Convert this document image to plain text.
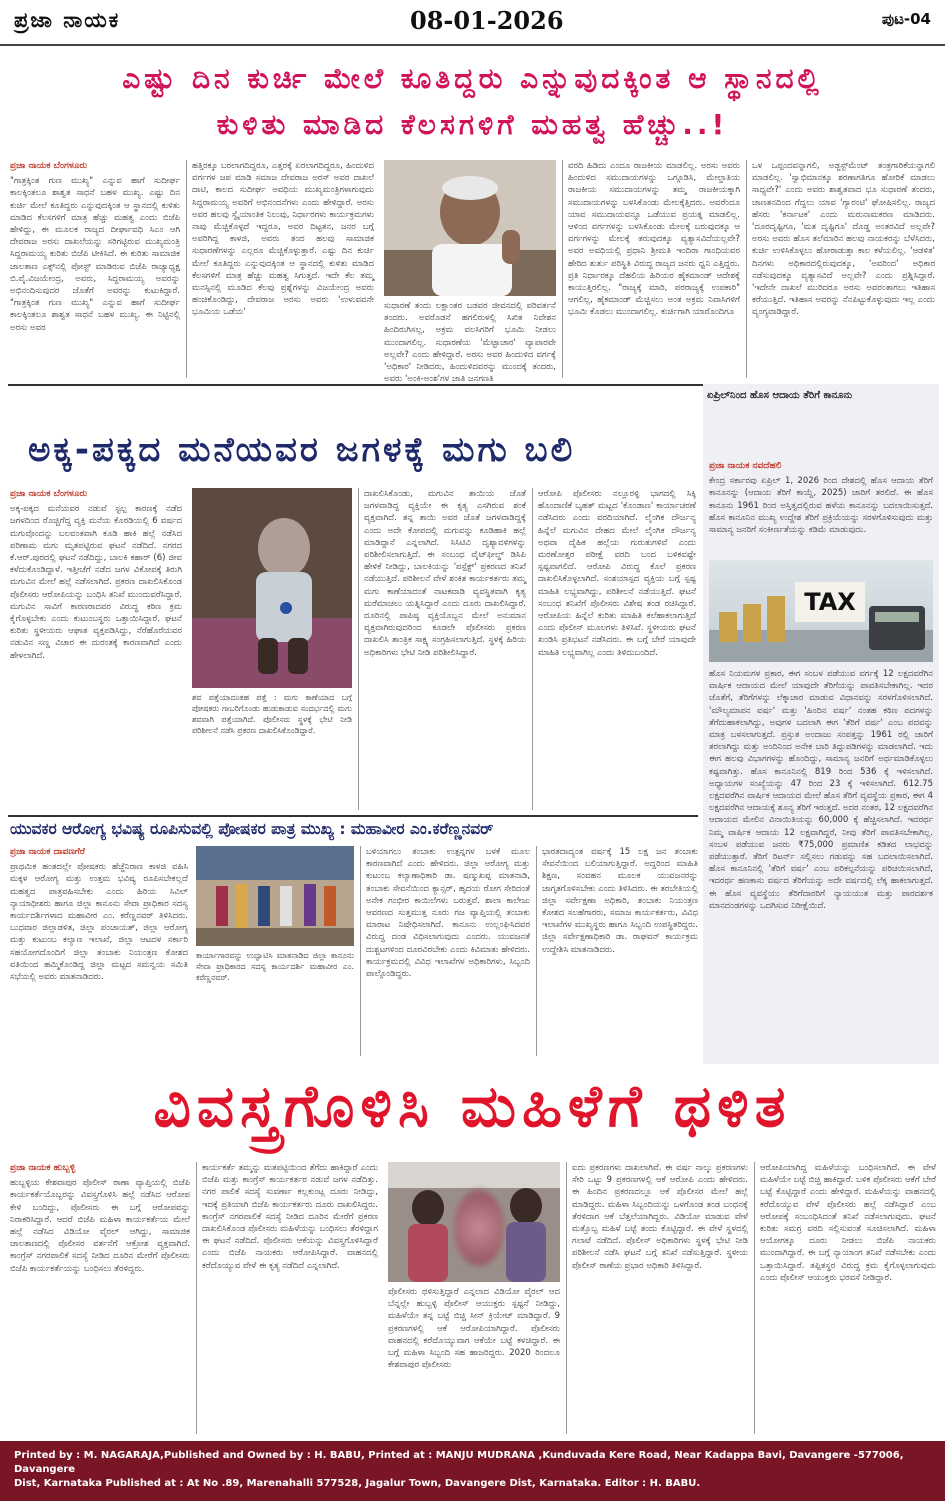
ಪ್ರಜಾ ನಾಯಕ	08-01-2026	ಪುಟ-04
ಎಷ್ಟು ದಿನ ಕುರ್ಚಿ ಮೇಲೆ ಕೂತಿದ್ದರು ಎನ್ನುವುದಕ್ಕಿಂತ ಆ ಸ್ಥಾನದಲ್ಲಿ
ಕುಳಿತು ಮಾಡಿದ ಕೆಲಸಗಳಿಗೆ ಮಹತ್ವ ಹೆಚ್ಚು..!
ಪ್ರಜಾ ನಾಯಕ ಬೆಂಗಳೂರು
"ಗಾತ್ರಕ್ಕಿಂತ ಗುಣ ಮುಖ್ಯ" ಎನ್ನುವ ಹಾಗೆ ಸುದೀರ್ಘ ಕಾಲಕ್ಕಿಂತಲೂ ಶಾಶ್ವತ ಸಾಧನೆ ಬಹಳ ಮುಖ್ಯ. ಎಷ್ಟು ದಿನ ಕುರ್ಚಿ ಮೇಲೆ ಕೂತಿದ್ದರು ಎನ್ನುವುದಕ್ಕಿಂತ ಆ ಸ್ಥಾನದಲ್ಲಿ ಕುಳಿತು ಮಾಡಿದ ಕೆಲಸಗಳಿಗೆ ಮಾತ್ರ ಹೆಚ್ಚು ಮಹತ್ವ ಎಂದು ಬಿಜೆಪಿ ಹೇಳಿದ್ದು, ಈ ಮೂಲಕ ರಾಜ್ಯದ ದೀರ್ಘಾವಧಿ ಸಿಎಂ ಆಗಿ ದೇವರಾಜ ಅರಸು ದಾಖಲೆಯನ್ನು ಸರಿಗಟ್ಟಿರುವ ಮುಖ್ಯಮಂತ್ರಿ ಸಿದ್ದರಾಮಯ್ಯ ಕುರಿತು ಬಿಜೆಪಿ ಟೀಕಿಸಿದೆ. ಈ ಕುರಿತು ಸಾಮಾಜಿಕ ಜಾಲತಾಣ ಎಕ್ಸ್‌ನಲ್ಲಿ ಪೋಸ್ಟ್ ಮಾಡಿರುವ ಬಿಜೆಪಿ ರಾಜ್ಯಾಧ್ಯಕ್ಷ ಬಿ.ವೈ.ವಿಜಯೇಂದ್ರ, ಅವರು, ಸಿದ್ದರಾಮಯ್ಯ ಅವರನ್ನು ಅಭಿನಂದಿಸುವುದರ ಜೊತೆಗೆ ಅವರನ್ನು ಕುಟುಕಿದ್ದಾರೆ. "ಗಾತ್ರಕ್ಕಿಂತ ಗುಣ ಮುಖ್ಯ" ಎನ್ನುವ ಹಾಗೆ ಸುದೀರ್ಘ ಕಾಲಕ್ಕಿಂತಲೂ ಶಾಶ್ವತ ಸಾಧನೆ ಬಹಳ ಮುಖ್ಯ. ಈ ನಿಟ್ಟಿನಲ್ಲಿ ಅರಸು ಅವರ
ಹತ್ತಿರಕ್ಕೂ ಬರಲಾಗದಿದ್ದರೂ, ಎತ್ತರಕ್ಕೆ ಏರಲಾಗದಿದ್ದರೂ, ಹಿಂದುಳಿದ ವರ್ಗಗಳ ಜಪ ಮಾಡಿ ಸಮಾಜ ದೇವರಾಜ ಅರಸ್ ಅವರ ದಾಖಲೆ ದಾಟಿ, ಕಾಲದ ಸುದೀರ್ಘ ಅವಧಿಯ ಮುಖ್ಯಮಂತ್ರಿಗಳಾಗುವುದು ಸಿದ್ದರಾಮಯ್ಯ ಅವರಿಗೆ ಅಭಿನಂದನೆಗಳು ಎಂದು ಹೇಳಿದ್ದಾರೆ. ಅರಸು ಅವರ ಹಲವು ಸ್ವೈಯಾಂತಿಕ ನಿಲುವು, ನಿರ್ಧಾರಗಳು ಕಾರ್ಯಕ್ರಮಗಳು ನಾವು ಮೆಚ್ಚಿಕೊಳ್ಳದೆ ಇದ್ದರೂ, ಅವರ ದಿಟ್ಟತನ, ಜನರ ಬಗ್ಗೆ ಅವರಿಗಿದ್ದ ಕಾಳಜಿ, ಅವರು ತಂದ ಹಲವು ಸಾಮಾಜಿಕ ಸುಧಾರಣೆಗಳನ್ನು ಎಲ್ಲರೂ ಮೆಚ್ಚಿಕೊಳ್ಳುತ್ತಾರೆ. ಎಷ್ಟು ದಿನ ಕುರ್ಚಿ ಮೇಲೆ ಕೂತಿದ್ದರು ಎನ್ನುವುದಕ್ಕಿಂತ ಆ ಸ್ಥಾನದಲ್ಲಿ ಕುಳಿತು ಮಾಡಿದ ಕೆಲಸಗಳಿಗೆ ಮಾತ್ರ ಹೆಚ್ಚು ಮಹತ್ವ ಸಿಗುತ್ತದೆ. ಇದೇ ಕೆಲ ತಮ್ಮ ಮನಸ್ಸಿನಲ್ಲಿ ಮೂಡಿದ ಕೆಲವು ಪ್ರಶ್ನೆಗಳನ್ನು ವಿಜಯೇಂದ್ರ ಅವರು ಹಂಚಿಕೊಂಡಿದ್ದು, ದೇವರಾಜ ಅರಸು ಅವರು 'ಉಳುವವನೇ ಭೂಮಿಯ ಒಡೆಯ'
ಸುಧಾರಣೆ ತಂದು ಲಕ್ಷಾಂತರ ಬಡವರ ಜೀವನದಲ್ಲಿ ಪರಿವರ್ತನೆ ತಂದರು. ಅವರೊಡನೆ ಹಗಲಿರುಳಲ್ಲಿ ಸಿಖಿತ ನಿವೇಶನ ಹಿಂದಿರುಗಿಸಲ್ಲ, ಅಕ್ರಮ ವಲಸಿಗರಿಗೆ ಭೂಮಿ ನೀಡಲು ಮುಂದಾಗಲಿಲ್ಲ. ಸುಧಾರಣೆಯ 'ಮೆಟ್ಟಾಚಾರ' ವ್ಯಾಪಾರವೇ ಅಲ್ಲವೇ? ಎಂದು ಹೇಳಿದ್ದಾರೆ. ಅರಸು ಅವರ ಹಿಂದುಳಿದ ವರ್ಗಕ್ಕೆ 'ಅಧಿಕಾರ' ನೀಡಿದರು, ಹಿಂದುಳಿದವರನ್ನು ಮುಂದಕ್ಕೆ ತಂದರು, ಅವರು 'ಅಂಕಿ-ಅಂಶ'ಗಳ ಜಾತಿ ಜನಗಣತಿ
ವರದಿ ಹಿಡಿದು ಎಂದೂ ರಾಜಕೀಯ ಮಾಡಲಿಲ್ಲ. ಅರಸು ಅವರು ಹಿಂದುಳಿದ ಸಮುದಾಯಗಳನ್ನು ಒಗ್ಗೂಡಿಸಿ, ಮೇಲ್ಜಾತಿಯ ರಾಜಕೀಯ ಸಮುದಾಯಗಳನ್ನು ತಮ್ಮ ರಾಜಕೀಯಕ್ಕಾಗಿ ಸಮುದಾಯಗಳನ್ನು ಬಳಸಿಕೊಂಡು ಮೇಲಕ್ಕೆತ್ತಿದರು. ಅವರೆಂದೂ ಯಾವ ಸಮುದಾಯವನ್ನೂ ಒಡೆಯುವ ಪ್ರಯತ್ನ ಮಾಡಲಿಲ್ಲ. ಆಳಿಂದ ವರ್ಗಗಳನ್ನು ಬಳಸಿಕೊಂಡು ಮೇಲಕ್ಕೆ ಬರುವುದಕ್ಕೂ ಆ ವರ್ಗಗಳನ್ನು ಮೇಲಕ್ಕೆ ತರುವುದಕ್ಕೂ ವ್ಯತ್ಯಾಸವಿದೆಯಲ್ಲವೇ? ಅವರ ಅವಧಿಯಲ್ಲಿ ಪ್ರಧಾನಿ ಶ್ರೀಮತಿ ಇಂದಿರಾ ಗಾಂಧಿಯವರ ಹೇರಿದ ತುರ್ತು ಪರಿಸ್ಥಿತಿ ವಿರುದ್ಧ ರಾಜ್ಯದ ಜನರು ಧ್ವನಿ ಎತ್ತಿದ್ದರು. ಪ್ರತಿ ನಿರ್ಧಾರಕ್ಕೂ ದೆಹಲಿಯ ಹಿರಿಯರ ಹೈಕಮಾಂಡ್ ಆದೇಶಕ್ಕೆ ಕಾಯುತ್ತಿರಲಿಲ್ಲ. "ರಾಜ್ಯಕ್ಕೆ ಮಾರಿ, ಪರರಾಜ್ಯಕ್ಕೆ ಉಪಕಾರಿ" ಆಗಲಿಲ್ಲ, ಹೈಕಮಾಂಡ್ ಮೆಚ್ಚಿಸಲು ಅಂತ ಅಕ್ರಮ ನಿವಾಸಿಗಳಿಗೆ ಭೂಮಿ ಕೊಡಲು ಮುಂದಾಗಲಿಲ್ಲ. ಕುರ್ಚಿಗಾಗಿ ಯಾರೊಂದಿಗೂ
ಒಳ ಒಪ್ಪಂದವನ್ನಾಗಲಿ, ಅಡ್ಜಸ್ಟ್‌ಮೆಂಟ್ ತಂತ್ರಗಾರಿಕೆಯನ್ನಾಗಲಿ ಮಾಡಲಿಲ್ಲ. 'ಸ್ವಾಭಿಮಾನಕ್ಕೂ ಶರಣಾಗತಿಗೂ ಹೋರಿಕೆ ಮಾಡಲು ಸಾಧ್ಯವೇ?' ಎಂದು ಅವರು ಶಾಶ್ವತವಾದ ಭೂ ಸುಧಾರಣೆ ತಂದರು, ಜಾಣತನದಿಂದ ಗೆದ್ದಲು ಯಾವ 'ಗ್ಯಾರಂಟಿ' ಘೋಷಿಸಲಿಲ್ಲ. ರಾಜ್ಯದ ಹೆಸರು 'ಕರ್ನಾಟಕ' ಎಂದು ಮರುನಾಮಕರಣ ಮಾಡಿದರು. 'ದೂರದೃಷ್ಟಿಗೂ, 'ಮತ ದೃಷ್ಟಿಗೂ' ದೊಡ್ಡ ಅಂತರವಿದೆ ಅಲ್ಲವೇ? ಅರಸು ಅವರು ಹೊಸ ತಲೆಮಾರಿನ ಹಲವು ನಾಯಕರನ್ನು ಬೆಳೆಸಿದರು, ಕುರ್ಚಿ ಉಳಿಸಿಕೊಳ್ಳಲು ಹೋರಾಡುತ್ತಾ ಕಾಲ ಕಳೆಯಲಿಲ್ಲ. 'ಆಡಳಿತ' ದಿನಗಳು ಅಧಿಕಾರದಲ್ಲಿರುವುದಕ್ಕೂ, 'ಅವರಿಂದ' ಅಧಿಕಾರ ನಡೆಸುವುದಕ್ಕೂ ವ್ಯತ್ಯಾಸವಿದೆ ಅಲ್ಲವೇ? ಎಂದು ಪ್ರಶ್ನಿಸಿದ್ದಾರೆ. 'ಇದೇನೇ ದಾಖಲೆ ಮುರಿದರೂ ಅರಸು ಅವರಂತಾಗಲು ಇತಿಹಾಸ ಕರೆಯುತ್ತಿದೆ. ಇತಿಹಾಸ ಅವರನ್ನು ನೆನಪಿಟ್ಟುಕೊಳ್ಳುವುದು ಇಲ್ಲ ಎಂದು ವ್ಯಂಗ್ಯವಾಡಿದ್ದಾರೆ.
ಅಕ್ಕ-ಪಕ್ಕದ ಮನೆಯವರ ಜಗಳಕ್ಕೆ ಮಗು ಬಲಿ
ಪ್ರಜಾ ನಾಯಕ ಬೆಂಗಳೂರು
ಅಕ್ಕ-ಪಕ್ಕದ ಮನೆಯವರ ನಡುವೆ ಸ್ಟಲ್ಪ ಕಾರಣಕ್ಕೆ ನಡೆದ ಜಗಳದಿಂದ ರೊಚ್ಚಿಗೆದ್ದ ವ್ಯಕ್ತಿ ಮನೆಯ ಕೊಠಡಿಯಲ್ಲಿ 6 ವರ್ಷದ ಮಗುವೊಂದನ್ನು ಬಲವಂತವಾಗಿ ಕೂಡಿ ಹಾಕಿ ಹಲ್ಲೆ ನಡೆಸಿದ ಪರಿಣಾಮ ಮಗು ಮೃತಪಟ್ಟಿರುವ ಘಟನೆ ನಡೆದಿದೆ. ನಗರದ ಕೆ.ಆರ್.ಪುರದಲ್ಲಿ ಘಟನೆ ನಡೆದಿದ್ದು, ಬಾಲಕಿ ಕಹಾರ್ (6) ಜೀವ ಕಳೆದುಕೊಂಡಿದ್ದಾಳೆ. ಇತ್ತೀಚೆಗೆ ನಡೆದ ಜಗಳ ವಿಕೋಪಕ್ಕೆ ತಿರುಗಿ ಮಗುವಿನ ಮೇಲೆ ಹಲ್ಲೆ ನಡೆಸಲಾಗಿದೆ. ಪ್ರಕರಣ ದಾಖಲಿಸಿಕೊಂಡ ಪೊಲೀಸರು ಆರೋಪಿಯನ್ನು ಬಂಧಿಸಿ ತನಿಖೆ ಮುಂದುವರೆಸಿದ್ದಾರೆ. ಮಗುವಿನ ಸಾವಿಗೆ ಕಾರಣರಾದವರ ವಿರುದ್ಧ ಕಠಿಣ ಕ್ರಮ ಕೈಗೊಳ್ಳಬೇಕು ಎಂದು ಕುಟುಂಬಸ್ಥರು ಒತ್ತಾಯಿಸಿದ್ದಾರೆ. ಘಟನೆ ಕುರಿತು ಸ್ಥಳೀಯರು ಆಘಾತ ವ್ಯಕ್ತಪಡಿಸಿದ್ದು, ನೆರೆಹೊರೆಯವರ ನಡುವಿನ ಸಣ್ಣ ವಿಚಾರ ಈ ದುರಂತಕ್ಕೆ ಕಾರಣವಾಗಿದೆ ಎಂದು ಹೇಳಲಾಗಿದೆ.
ಶವ ಪತ್ತೆಯಾದಂತಹ ಪತ್ತೆ : ಮಗು ಕಾಣೆಯಾದ ಬಗ್ಗೆ ಪೋಷಕರು ಗಾಬರಿಗೊಂಡು ಹುಡುಕಾಡುವ ಸಂದರ್ಭದಲ್ಲಿ ಮಗು ಶವವಾಗಿ ಪತ್ತೆಯಾಗಿದೆ. ಪೊಲೀಸರು ಸ್ಥಳಕ್ಕೆ ಭೇಟಿ ನೀಡಿ ಪರಿಶೀಲನೆ ನಡೆಸಿ ಪ್ರಕರಣ ದಾಖಲಿಸಿಕೊಂಡಿದ್ದಾರೆ.
ದಾಖಲಿಸಿಕೊಂಡು, ಮಗುವಿನ ತಾಯಿಯ ಜೊತೆ ಜಗಳವಾಡಿದ್ದ ವ್ಯಕ್ತಿಯೇ ಈ ಕೃತ್ಯ ಎಸಗಿರುವ ಶಂಕೆ ವ್ಯಕ್ತವಾಗಿದೆ. ತನ್ನ ತಾಯಿ ಅವರ ಜೊತೆ ಜಗಳವಾಡಿದ್ದಕ್ಕೆ ಎಂದು ಅದೇ ಕೋಪದಲ್ಲಿ ಮಗುವನ್ನು ಕೂಡಿಹಾಕಿ ಹಲ್ಲೆ ಮಾಡಿದ್ದಾನೆ ಎನ್ನಲಾಗಿದೆ. ಸಿಸಿಟಿವಿ ದೃಶ್ಯಾವಳಿಗಳನ್ನು ಪರಿಶೀಲಿಸಲಾಗುತ್ತಿದೆ. ಈ ಸಂಬಂಧ ವೈಟ್‌ಫೀಲ್ಡ್ ಡಿಸಿಪಿ ಹೇಳಿಕೆ ನೀಡಿದ್ದು, ಬಾಲಕಿಯನ್ನು 'ಪಸ್ಪೆಕ್ಟ್' ಪ್ರಕರಣದ ತನಿಖೆ ನಡೆಯುತ್ತಿದೆ. ಪರಿಶೀಲನೆ ವೇಳೆ ಶಂಕಿತ ಕಾರ್ಯಕರ್ತರು ತಮ್ಮ ಮಗು ಕಾಣೆಯಾದಂತೆ ನಾಟಕವಾಡಿ ವ್ಯವಸ್ಥಿತವಾಗಿ ಕೃತ್ಯ ಮರೆಮಾಚಲು ಯತ್ನಿಸಿದ್ದಾರೆ ಎಂದು ದೂರು ದಾಖಲಿಸಿದ್ದಾರೆ. ದೂರಿನಲ್ಲಿ ಪಾಪಿಷ್ಠ ವ್ಯಕ್ತಿಯೊಬ್ಬನ ಮೇಲೆ ಅನುಮಾನ ವ್ಯಕ್ತವಾಗಿರುವುದರಿಂದ ಕೂಡಲೇ ಪೊಲೀಸರು ಪ್ರಕರಣ ದಾಖಲಿಸಿ ತಾಂತ್ರಿಕ ಸಾಕ್ಷ್ಯ ಸಂಗ್ರಹಿಸಲಾಗುತ್ತಿದೆ. ಸ್ಥಳಕ್ಕೆ ಹಿರಿಯ ಅಧಿಕಾರಿಗಳು ಭೇಟಿ ನೀಡಿ ಪರಿಶೀಲಿಸಿದ್ದಾರೆ.
ಆರೋಪಿ ಪೊಲೀಸರು ನಲ್ಲೂರಳ್ಳಿ ಭಾಗದಲ್ಲಿ ಸಿಕ್ಕಿ ಹೊಂದಾಣಿಕೆ ಬೃಹತ್ ಮಟ್ಟದ 'ಕೊಂಡಾಣ' ಕಾರ್ಯಾಚರಣೆ ನಡೆಸಿದರು ಎಂದು ವರದಿಯಾಗಿದೆ. ಲೈಂಗಿಕ ದೌರ್ಜನ್ಯ ಹಿನ್ನೆಲೆ ಮಗುವಿನ ದೇಹದ ಮೇಲೆ ಲೈಂಗಿಕ ದೌರ್ಜನ್ಯ ಅಥವಾ ದೈಹಿಕ ಹಲ್ಲೆಯ ಗುರುತುಗಳಿವೆ ಎಂದು ಮರಣೋತ್ತರ ಪರೀಕ್ಷೆ ವರದಿ ಬಂದ ಬಳಿಕವಷ್ಟೇ ಸ್ಪಷ್ಟವಾಗಲಿದೆ. ಆರೋಪಿ ವಿರುದ್ಧ ಕೊಲೆ ಪ್ರಕರಣ ದಾಖಲಿಸಿಕೊಳ್ಳಲಾಗಿದೆ. ಸಂಶಯಾಸ್ಪದ ವ್ಯಕ್ತಿಯ ಬಗ್ಗೆ ಸ್ಪಷ್ಟ ಮಾಹಿತಿ ಲಭ್ಯವಾಗಿದ್ದು, ಪರಿಶೀಲನೆ ನಡೆಯುತ್ತಿದೆ. ಘಟನೆ ಸಂಬಂಧ ತನಿಖೆಗೆ ಪೊಲೀಸರು ವಿಶೇಷ ತಂಡ ರಚಿಸಿದ್ದಾರೆ. ಆರೋಪಿಯ ಹಿನ್ನೆಲೆ ಕುರಿತು ಮಾಹಿತಿ ಕಲೆಹಾಕಲಾಗುತ್ತಿದೆ ಎಂದು ಪೊಲೀಸ್ ಮೂಲಗಳು ತಿಳಿಸಿವೆ. ಸ್ಥಳೀಯರು ಘಟನೆ ಖಂಡಿಸಿ ಪ್ರತಿಭಟನೆ ನಡೆಸಿದರು. ಈ ಬಗ್ಗೆ ಬೇರೆ ಯಾವುದೇ ಮಾಹಿತಿ ಲಭ್ಯವಾಗಿಲ್ಲ ಎಂದು ತಿಳಿದುಬಂದಿದೆ.
ಏಪ್ರಿಲ್‌ನಿಂದ ಹೊಸ ಆದಾಯ ತೆರಿಗೆ ಕಾನೂನು
ಪ್ರಜಾ ನಾಯಕ ನವದೆಹಲಿ
ಕೇಂದ್ರ ಸರ್ಕಾರವು ಏಪ್ರಿಲ್ 1, 2026 ರಿಂದ ದೇಶದಲ್ಲಿ ಹೊಸ ಆದಾಯ ತೆರಿಗೆ ಕಾನೂನನ್ನು (ಆದಾಯ ತೆರಿಗೆ ಕಾಯ್ದೆ, 2025) ಜಾರಿಗೆ ತರಲಿದೆ. ಈ ಹೊಸ ಕಾನೂನು 1961 ರಿಂದ ಅಸ್ತಿತ್ವದಲ್ಲಿರುವ ಹಳೆಯ ಕಾನೂನನ್ನು ಬದಲಾಯಿಸುತ್ತದೆ. ಹೊಸ ಕಾನೂನಿನ ಮುಖ್ಯ ಉದ್ದೇಶ ತೆರಿಗೆ ಪ್ರಕ್ರಿಯೆಯನ್ನು ಸರಳಗೊಳಿಸುವುದು ಮತ್ತು ಸಾಮಾನ್ಯ ಜನರಿಗೆ ಸಂಕೀರ್ಣತೆಯನ್ನು ಕಡಿಮೆ ಮಾಡುವುದು.
TAX
ಹೊಸ ನಿಯಮಗಳ ಪ್ರಕಾರ, ಈಗ ಸಂಬಳ ಪಡೆಯುವ ವರ್ಗಕ್ಕೆ 12 ಲಕ್ಷದವರೆಗಿನ ವಾರ್ಷಿಕ ಆದಾಯದ ಮೇಲೆ ಯಾವುದೇ ತೆರಿಗೆಯನ್ನು ಪಾವತಿಸಬೇಕಾಗಿಲ್ಲ. ಇದರ ಜೊತೆಗೆ, ತೆರಿಗೆಗಳನ್ನು ಲೆಕ್ಕಾಚಾರ ಮಾಡುವ ವಿಧಾನವನ್ನು ಸರಳಗೊಳಿಸಲಾಗಿದೆ. 'ಮೌಲ್ಯಮಾಪನ ವರ್ಷ' ಮತ್ತು 'ಹಿಂದಿನ ವರ್ಷ' ನಂತಹ ಕಠಿಣ ಪದಗಳನ್ನು ತೆಗೆದುಹಾಕಲಾಗಿದ್ದು, ಅವುಗಳ ಬದಲಾಗಿ ಈಗ 'ತೆರಿಗೆ ವರ್ಷ' ಎಂಬ ಪದವನ್ನು ಮಾತ್ರ ಬಳಸಲಾಗುತ್ತದೆ. ಪ್ರಸ್ತುತ ಅಂದಾಜು ಸಂಪತ್ತನ್ನು 1961 ರಲ್ಲಿ ಜಾರಿಗೆ ತರಲಾಗಿದ್ದು ಮತ್ತು ಅಂದಿನಿಂದ ಅನೇಕ ಬಾರಿ ತಿದ್ದುಪಡಿಗಳನ್ನು ಮಾಡಲಾಗಿದೆ. ಇದು ಈಗ ಹಲವು ವಿಭಾಗಗಳನ್ನು ಹೊಂದಿದ್ದು, ಸಾಮಾನ್ಯ ಜನರಿಗೆ ಅರ್ಥಮಾಡಿಕೊಳ್ಳಲು ಕಷ್ಟವಾಗಿತ್ತು. ಹೊಸ ಕಾನೂನಿನಲ್ಲಿ 819 ರಿಂದ 536 ಕ್ಕೆ ಇಳಿಸಲಾಗಿದೆ. ಅಧ್ಯಾಯಗಳ ಸಂಖ್ಯೆಯನ್ನು 47 ರಿಂದ 23 ಕ್ಕೆ ಇಳಿಸಲಾಗಿದೆ. 612.75 ಲಕ್ಷದವರೆಗಿನ ವಾರ್ಷಿಕ ಆದಾಯದ ಮೇಲೆ ಹೊಸ ತೆರಿಗೆ ವ್ಯವಸ್ಥೆಯ ಪ್ರಕಾರ, ಈಗ 4 ಲಕ್ಷದವರೆಗಿನ ಆದಾಯಕ್ಕೆ ಶೂನ್ಯ ತೆರಿಗೆ ಇರುತ್ತದೆ. ಅದರ ನಂತರ, 12 ಲಕ್ಷದವರೆಗಿನ ಆದಾಯದ ಮೇಲಿನ ವಿನಾಯಿತಿಯನ್ನು 60,000 ಕ್ಕೆ ಹೆಚ್ಚಿಸಲಾಗಿದೆ. ಇದರರ್ಥ ನಿಮ್ಮ ವಾರ್ಷಿಕ ಆದಾಯ 12 ಲಕ್ಷವಾಗಿದ್ದರೆ, ನೀವು ತೆರಿಗೆ ಪಾವತಿಸಬೇಕಾಗಿಲ್ಲ. ಸಂಬಳ ಪಡೆಯುವ ಜನರು ₹75,000 ಪ್ರಮಾಣಿತ ಕಡಿತದ ಲಾಭವನ್ನು ಪಡೆಯುತ್ತಾರೆ. ತೆರಿಗೆ ರಿಟರ್ನ್ ಸಲ್ಲಿಸಲು ಗಡುವನ್ನು ಸಹ ಬದಲಾಯಿಸಲಾಗಿದೆ. ಹೊಸ ಕಾನೂನಿನಲ್ಲಿ 'ತೆರಿಗೆ ವರ್ಷ' ಎಂಬ ಪರಿಕಲ್ಪನೆಯನ್ನು ಪರಿಚಯಿಸಲಾಗಿದೆ, ಇದರರ್ಥ ಹಣಕಾಸು ವರ್ಷದ ತೆರಿಗೆಯನ್ನು ಅದೇ ವರ್ಷದಲ್ಲಿ ಲೆಕ್ಕ ಹಾಕಲಾಗುತ್ತದೆ. ಈ ಹೊಸ ವ್ಯವಸ್ಥೆಯು ತೆರಿಗೆದಾರರಿಗೆ ನ್ಯಾಯಯುತ ಮತ್ತು ಪಾರದರ್ಶಕ ಮಾನದಂಡಗಳನ್ನು ಒದಗಿಸುವ ನಿರೀಕ್ಷೆಯಿದೆ.
ಯುವಕರ ಆರೋಗ್ಯ ಭವಿಷ್ಯ ರೂಪಿಸುವಲ್ಲಿ ಪೋಷಕರ ಪಾತ್ರ ಮುಖ್ಯ : ಮಹಾವೀರ ಎಂ.ಕರೆಣ್ಣನವರ್
ಪ್ರಜಾ ನಾಯಕ ದಾವಣಗೆರೆ
ಪ್ರಾಥಮಿಕ ಹಂತದಲ್ಲೇ ಪೋಷಕರು ಹೆಜ್ಜೆನಿರಾಣ ಕಾಳಜಿ ವಹಿಸಿ ಮಕ್ಕಳ ಆರೋಗ್ಯ ಮತ್ತು ಉತ್ತಮ ಭವಿಷ್ಯ ರೂಪಿಸಬೇಕಲ್ಲದೆ ಮಹತ್ವದ ಪಾತ್ರವಹಿಸಬೇಕು ಎಂದು ಹಿರಿಯ ಸಿವಿಲ್ ನ್ಯಾಯಾಧೀಶರು ಹಾಗೂ ಜಿಲ್ಲಾ ಕಾನೂನು ಸೇವಾ ಪ್ರಾಧಿಕಾರ ಸದಸ್ಯ ಕಾರ್ಯದರ್ಶಿಗಳಾದ ಮಹಾವೀರ ಎಂ. ಕರೆಣ್ಣನವರ್ ತಿಳಿಸಿದರು. ಬುಧವಾರ ಜಿಲ್ಲಾಡಳಿತ, ಜಿಲ್ಲಾ ಪಂಚಾಯತ್, ಜಿಲ್ಲಾ ಆರೋಗ್ಯ ಮತ್ತು ಕುಟುಂಬ ಕಲ್ಯಾಣ ಇಲಾಖೆ, ಜಿಲ್ಲಾ ಆಟದಳ ಸರ್ಕಾರಿ ಸಹಯೋಗದೊಂದಿಗೆ ಜಿಲ್ಲಾ ತಂಬಾಕು ನಿಯಂತ್ರಣ ಕೋಶದ ವತಿಯಿಂದ ಹಮ್ಮಿಕೊಂಡಿದ್ದ ಜಿಲ್ಲಾ ಮಟ್ಟದ ಸಮನ್ವಯ ಸಮಿತಿ ಸಭೆಯಲ್ಲಿ ಅವರು ಮಾತನಾಡಿದರು.
ಕಾರ್ಯಾಗಾರವನ್ನು ಉದ್ಘಾಟಿಸಿ ಮಾತನಾಡಿದ ಜಿಲ್ಲಾ ಕಾನೂನು ಸೇವಾ ಪ್ರಾಧಿಕಾರದ ಸದಸ್ಯ ಕಾರ್ಯದರ್ಶಿ ಮಹಾವೀರ ಎಂ. ಕರೆಣ್ಣನವರ್.
ಬಳಿಯಾಗಲು ತಂಬಾಕು ಉತ್ಪನ್ನಗಳ ಬಳಕೆ ಮೂಲ ಕಾರಣವಾಗಿದೆ ಎಂದು ಹೇಳಿದರು. ಜಿಲ್ಲಾ ಆರೋಗ್ಯ ಮತ್ತು ಕುಟುಂಬ ಕಲ್ಯಾಣಾಧಿಕಾರಿ ಡಾ. ಷಣ್ಮುಖಪ್ಪ ಮಾತನಾಡಿ, ತಂಬಾಕು ಸೇವನೆಯಿಂದ ಕ್ಯಾನ್ಸರ್, ಹೃದಯ ರೋಗ ಸೇರಿದಂತೆ ಅನೇಕ ಗಂಭೀರ ಕಾಯಿಲೆಗಳು ಬರುತ್ತವೆ. ಶಾಲಾ ಕಾಲೇಜು ಆವರಣದ ಸುತ್ತಮುತ್ತ ನೂರು ಗಜ ವ್ಯಾಪ್ತಿಯಲ್ಲಿ ತಂಬಾಕು ಮಾರಾಟ ನಿಷೇಧಿಸಲಾಗಿದೆ. ಕಾನೂನು ಉಲ್ಲಂಘಿಸಿದವರ ವಿರುದ್ಧ ದಂಡ ವಿಧಿಸಲಾಗುವುದು ಎಂದರು. ಯುವಜನತೆ ದುಶ್ಚಟಗಳಿಂದ ದೂರವಿರಬೇಕು ಎಂದು ಕಿವಿಮಾತು ಹೇಳಿದರು. ಕಾರ್ಯಕ್ರಮದಲ್ಲಿ ವಿವಿಧ ಇಲಾಖೆಗಳ ಅಧಿಕಾರಿಗಳು, ಸಿಬ್ಬಂದಿ ಪಾಲ್ಗೊಂಡಿದ್ದರು.
ಭಾರತದಾದ್ಯಂತ ವರ್ಷಕ್ಕೆ 15 ಲಕ್ಷ ಜನ ತಂಬಾಕು ಸೇವನೆಯಿಂದ ಬಲಿಯಾಗುತ್ತಿದ್ದಾರೆ. ಅದ್ದರಿಂದ ಮಾಹಿತಿ ಶಿಕ್ಷಣ, ಸಂವಹನ ಮೂಲಕ ಯುವಜನರನ್ನು ಜಾಗೃತಗೊಳಿಸಬೇಕು ಎಂದು ತಿಳಿಸಿದರು. ಈ ತರಬೇತಿಯಲ್ಲಿ ಜಿಲ್ಲಾ ಸರ್ವೇಕ್ಷಣಾ ಅಧಿಕಾರಿ, ತಂಬಾಕು ನಿಯಂತ್ರಣ ಕೋಶದ ಸಲಹೆಗಾರರು, ಸಮಾಜ ಕಾರ್ಯಕರ್ತರು, ವಿವಿಧ ಇಲಾಖೆಗಳ ಮುಖ್ಯಸ್ಥರು ಹಾಗೂ ಸಿಬ್ಬಂದಿ ಉಪಸ್ಥಿತರಿದ್ದರು. ಜಿಲ್ಲಾ ಸರ್ವೇಕ್ಷಣಾಧಿಕಾರಿ ಡಾ. ರಾಘವನ್ ಕಾರ್ಯಕ್ರಮ ಉದ್ದೇಶಿಸಿ ಮಾತನಾಡಿದರು.
ವಿವಸ್ತ್ರಗೊಳಿಸಿ ಮಹಿಳೆಗೆ ಥಳಿತ
ಪ್ರಜಾ ನಾಯಕ ಹುಬ್ಬಳ್ಳಿ
ಹುಬ್ಬಳ್ಳಿಯ ಕೇಶವಾಪುರ ಪೊಲೀಸ್ ಠಾಣಾ ವ್ಯಾಪ್ತಿಯಲ್ಲಿ ಬಿಜೆಪಿ ಕಾರ್ಯಕರ್ತೆಯೊಬ್ಬರನ್ನು ವಿವಸ್ತ್ರಗೊಳಿಸಿ ಹಲ್ಲೆ ನಡೆಸಿದ ಆರೋಪ ಕೇಳಿ ಬಂದಿದ್ದು, ಪೊಲೀಸರು ಈ ಬಗ್ಗೆ ಆರೋಪವನ್ನು ನಿರಾಕರಿಸಿದ್ದಾರೆ. ಆದರೆ ಬಿಜೆಪಿ ಮಹಿಳಾ ಕಾರ್ಯಕರ್ತೆಯ ಮೇಲೆ ಹಲ್ಲೆ ನಡೆಸಿದ ವಿಡಿಯೋ ವೈರಲ್ ಆಗಿದ್ದು, ಸಾಮಾಜಿಕ ಜಾಲತಾಣದಲ್ಲಿ ಪೊಲೀಸರ ವರ್ತನೆಗೆ ಆಕ್ರೋಶ ವ್ಯಕ್ತವಾಗಿದೆ. ಕಾಂಗ್ರೆಸ್ ನಗರಪಾಲಿಕೆ ಸದಸ್ಯೆ ನೀಡಿದ ದೂರಿನ ಮೇರೆಗೆ ಪೊಲೀಸರು ಬಿಜೆಪಿ ಕಾರ್ಯಕರ್ತೆಯನ್ನು ಬಂಧಿಸಲು ತೆರಳಿದ್ದರು.
ಕಾರ್ಯಕರ್ತೆ ತಮ್ಮನ್ನು ಮತಪಟ್ಟಿಯಿಂದ ತೆಗೆದು ಹಾಕಿದ್ದಾರೆ ಎಂದು ಬಿಜೆಪಿ ಮತ್ತು ಕಾಂಗ್ರೆಸ್ ಕಾರ್ಯಕರ್ತರ ನಡುವೆ ಜಗಳ ನಡೆದಿತ್ತು. ನಗರ ಪಾಲಿಕೆ ಸದಸ್ಯೆ ಸುವರ್ಣಾ ಕಲ್ಲಕುಂಟ್ಲ ದೂರು ನೀಡಿದ್ದು, ಇದಕ್ಕೆ ಪ್ರತಿಯಾಗಿ ಬಿಜೆಪಿ ಕಾರ್ಯಕರ್ತರು ದೂರು ದಾಖಲಿಸಿದ್ದರು. ಕಾಂಗ್ರೆಸ್ ನಗರಪಾಲಿಕೆ ಸದಸ್ಯೆ ನೀಡಿದ ದೂರಿನ ಮೇರೆಗೆ ಪ್ರಕರಣ ದಾಖಲಿಸಿಕೊಂಡ ಪೊಲೀಸರು ಮಹಿಳೆಯನ್ನು ಬಂಧಿಸಲು ತೆರಳಿದ್ದಾಗ ಈ ಘಟನೆ ನಡೆದಿದೆ. ಪೊಲೀಸರು ಆಕೆಯನ್ನು ವಿವಸ್ತ್ರಗೊಳಿಸಿದ್ದಾರೆ ಎಂದು ಬಿಜೆಪಿ ನಾಯಕರು ಆರೋಪಿಸಿದ್ದಾರೆ. ವಾಹನದಲ್ಲಿ ಕರೆದೊಯ್ಯುವ ವೇಳೆ ಈ ಕೃತ್ಯ ನಡೆದಿದೆ ಎನ್ನಲಾಗಿದೆ.
ಪೊಲೀಸರು ಥಳಿಸುತ್ತಿದ್ದಾರೆ ಎನ್ನಲಾದ ವಿಡಿಯೋ ವೈರಲ್ ಆದ ಬೆನ್ನಲ್ಲೇ ಹುಬ್ಬಳ್ಳಿ ಪೊಲೀಸ್ ಆಯುಕ್ತರು ಸ್ಪಷ್ಟನೆ ನೀಡಿದ್ದು, ಮಹಿಳೆಯೇ ತನ್ನ ಬಟ್ಟೆ ಬಿಚ್ಚಿ ಸೀನ್ ಕ್ರಿಯೇಟ್ ಮಾಡಿದ್ದಾರೆ. 9 ಪ್ರಕರಣಗಳಲ್ಲಿ ಆಕೆ ಆರೋಪಿಯಾಗಿದ್ದಾರೆ. ಪೊಲೀಸರು ವಾಹನದಲ್ಲಿ ಕರೆದೊಯ್ಯುವಾಗ ಆಕೆಯೇ ಬಟ್ಟೆ ಕಳಚಿದ್ದಾರೆ. ಈ ಬಗ್ಗೆ ಮಹಿಳಾ ಸಿಬ್ಬಂದಿ ಸಹ ಹಾಜರಿದ್ದರು. 2020 ರಿಂದಲೂ ಕೇಶವಾಪುರ ಪೊಲೀಸರು
ಐದು ಪ್ರಕರಣಗಳು ದಾಖಲಾಗಿವೆ. ಈ ವರ್ಷ ನಾಲ್ಕು ಪ್ರಕರಣಗಳು ಸೇರಿ ಒಟ್ಟು 9 ಪ್ರಕರಣಗಳಲ್ಲಿ ಆಕೆ ಆರೋಪಿ ಎಂದು ಹೇಳಿದರು. ಈ ಹಿಂದಿನ ಪ್ರಕರಣದಲ್ಲೂ ಆಕೆ ಪೊಲೀಸರ ಮೇಲೆ ಹಲ್ಲೆ ಮಾಡಿದ್ದರು. ಮಹಿಳಾ ಸಿಬ್ಬಂದಿಯನ್ನು ಒಳಗೊಂಡ ತಂಡ ಬಂಧನಕ್ಕೆ ತೆರಳಿದಾಗ ಆಕೆ ಬೆತ್ತಲೆಯಾಗಿದ್ದರು. ವಿಡಿಯೋ ಮಾಡುವ ವೇಳೆ ಮತ್ತೊಬ್ಬ ಮಹಿಳೆ ಬಟ್ಟೆ ತಂದು ಕೊಟ್ಟಿದ್ದಾರೆ. ಈ ವೇಳೆ ಸ್ಥಳದಲ್ಲಿ ಗಲಾಟೆ ನಡೆದಿದೆ. ಪೊಲೀಸ್ ಅಧಿಕಾರಿಗಳು ಸ್ಥಳಕ್ಕೆ ಭೇಟಿ ನೀಡಿ ಪರಿಶೀಲನೆ ನಡೆಸಿ ಘಟನೆ ಬಗ್ಗೆ ತನಿಖೆ ನಡೆಸುತ್ತಿದ್ದಾರೆ. ಸ್ಥಳೀಯ ಪೊಲೀಸ್ ಠಾಣೆಯ ಪ್ರಭಾರ ಅಧಿಕಾರಿ ತಿಳಿಸಿದ್ದಾರೆ.
ಆರೋಪಿಯಾಗಿದ್ದ ಮಹಿಳೆಯನ್ನು ಬಂಧಿಸಲಾಗಿದೆ. ಈ ವೇಳೆ ಮಹಿಳೆಯೇ ಬಟ್ಟೆ ಬಿಚ್ಚಿ ಹಾಕಿದ್ದಾರೆ. ಬಳಿಕ ಪೊಲೀಸರು ಆಕೆಗೆ ಬೇರೆ ಬಟ್ಟೆ ಕೊಟ್ಟಿದ್ದಾರೆ ಎಂದು ಹೇಳಿದ್ದಾರೆ. ಮಹಿಳೆಯನ್ನು ವಾಹನದಲ್ಲಿ ಕರೆದೊಯ್ಯುವ ವೇಳೆ ಪೊಲೀಸರು ಹಲ್ಲೆ ನಡೆಸಿದ್ದಾರೆ ಎಂಬ ಆರೋಪಕ್ಕೆ ಸಂಬಂಧಿಸಿದಂತೆ ತನಿಖೆ ನಡೆಸಲಾಗುವುದು. ಘಟನೆ ಕುರಿತು ಸಮಗ್ರ ವರದಿ ಸಲ್ಲಿಸುವಂತೆ ಸೂಚಿಸಲಾಗಿದೆ. ಮಹಿಳಾ ಆಯೋಗಕ್ಕೂ ದೂರು ನೀಡಲು ಬಿಜೆಪಿ ನಾಯಕರು ಮುಂದಾಗಿದ್ದಾರೆ. ಈ ಬಗ್ಗೆ ನ್ಯಾಯಾಂಗ ತನಿಖೆ ನಡೆಸಬೇಕು ಎಂದು ಒತ್ತಾಯಿಸಿದ್ದಾರೆ. ತಪ್ಪಿತಸ್ಥರ ವಿರುದ್ಧ ಕ್ರಮ ಕೈಗೊಳ್ಳಲಾಗುವುದು ಎಂದು ಪೊಲೀಸ್ ಆಯುಕ್ತರು ಭರವಸೆ ನೀಡಿದ್ದಾರೆ.
Printed by : M. NAGARAJA,Published and Owned by : H. BABU, Printed at : MANJU MUDRANA ,Kunduvada Kere Road, Near Kadappa Bavi, Davangere -577006, Davangere
Dist, Karnataka Published at : At No .89, Marenahalli 577528, Jagalur Town, Davangere Dist, Karnataka. Editor : H. BABU.
